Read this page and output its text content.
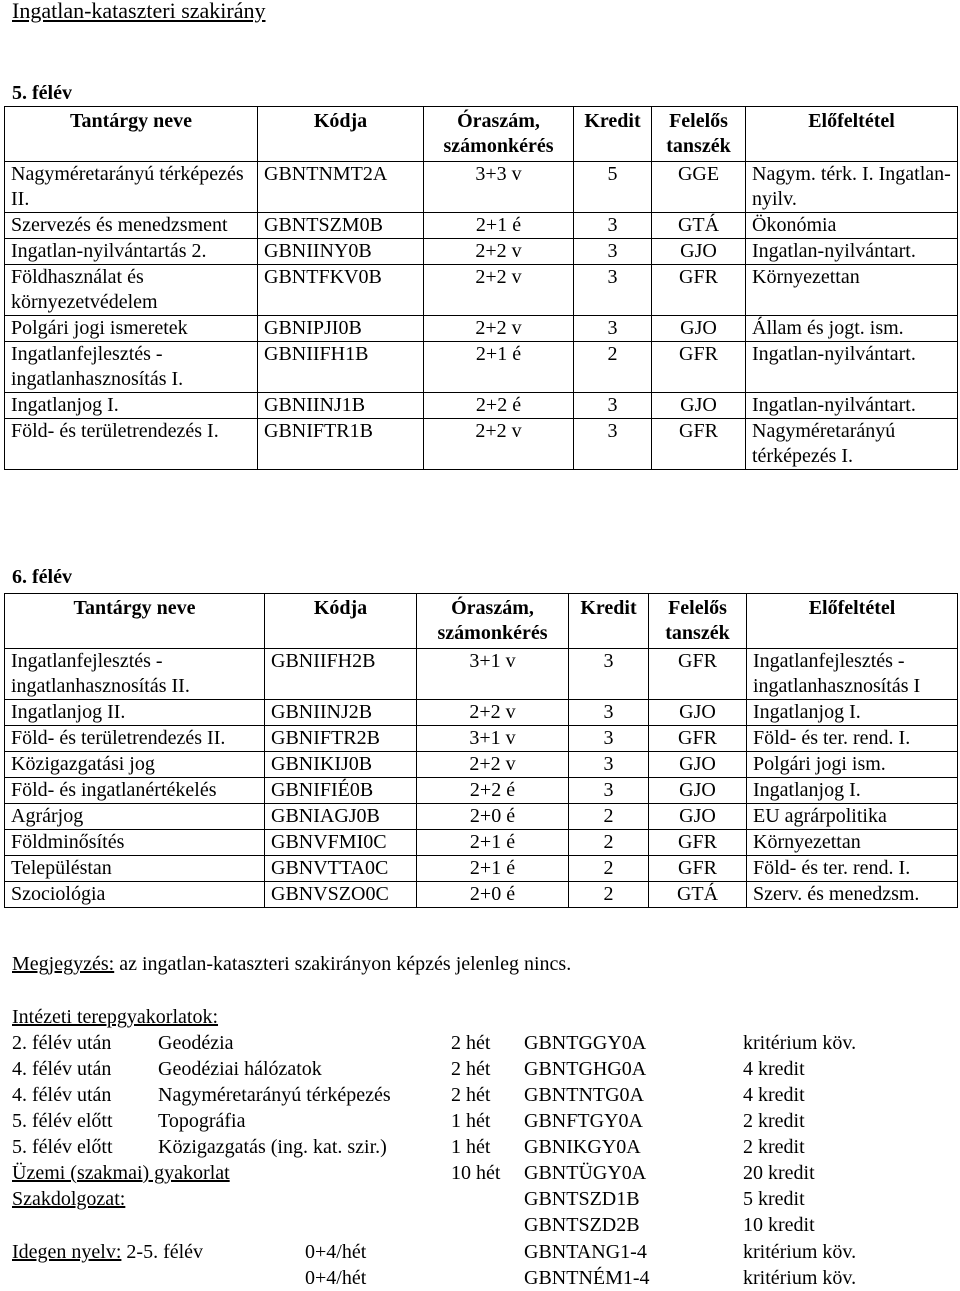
Ingatlan-kataszteri szakirány
5. félév
Tantárgy neve	Kódja	Óraszám, számonkérés	Kredit	Felelős tanszék	Előfeltétel
Nagyméretarányú térképezés II.	GBNTNMT2A	3+3 v	5	GGE	Nagym. térk. I. Ingatlan-nyilv.
Szervezés és menedzsment	GBNTSZM0B	2+1 é	3	GTÁ	Ökonómia
Ingatlan-nyilvántartás 2.	GBNIINY0B	2+2 v	3	GJO	Ingatlan-nyilvántart.
Földhasználat és környezetvédelem	GBNTFKV0B	2+2 v	3	GFR	Környezettan
Polgári jogi ismeretek	GBNIPJI0B	2+2 v	3	GJO	Állam és jogt. ism.
Ingatlanfejlesztés - ingatlanhasznosítás I.	GBNIIFH1B	2+1 é	2	GFR	Ingatlan-nyilvántart.
Ingatlanjog I.	GBNIINJ1B	2+2 é	3	GJO	Ingatlan-nyilvántart.
Föld- és területrendezés I.	GBNIFTR1B	2+2 v	3	GFR	Nagyméretarányú térképezés I.
6. félév
Tantárgy neve	Kódja	Óraszám, számonkérés	Kredit	Felelős tanszék	Előfeltétel
Ingatlanfejlesztés - ingatlanhasznosítás II.	GBNIIFH2B	3+1 v	3	GFR	Ingatlanfejlesztés - ingatlanhasznosítás I
Ingatlanjog II.	GBNIINJ2B	2+2 v	3	GJO	Ingatlanjog I.
Föld- és területrendezés II.	GBNIFTR2B	3+1 v	3	GFR	Föld- és ter. rend. I.
Közigazgatási jog	GBNIKIJ0B	2+2 v	3	GJO	Polgári jogi ism.
Föld- és ingatlanértékelés	GBNIFIÉ0B	2+2 é	3	GJO	Ingatlanjog I.
Agrárjog	GBNIAGJ0B	2+0 é	2	GJO	EU agrárpolitika
Földminősítés	GBNVFMI0C	2+1 é	2	GFR	Környezettan
Településtan	GBNVTTA0C	2+1 é	2	GFR	Föld- és ter. rend. I.
Szociológia	GBNVSZO0C	2+0 é	2	GTÁ	Szerv. és menedzsm.
Megjegyzés: az ingatlan-kataszteri szakirányon képzés jelenleg nincs.
Intézeti terepgyakorlatok:
2. félév után Geodézia	2 hét GBNTGGY0A	kritérium köv.
4. félév után Geodéziai hálózatok	2 hét GBNTGHG0A	4 kredit
4. félév után Nagyméretarányú térképezés	2 hét GBNTNTG0A	4 kredit
5. félév előtt Topográfia	1 hét GBNFTGY0A	2 kredit
5. félév előtt Közigazgatás (ing. kat. szir.)	1 hét GBNIKGY0A	2 kredit
Üzemi (szakmai) gyakorlat	10 hét GBNTÜGY0A	20 kredit
Szakdolgozat:	GBNTSZD1B	5 kredit
GBNTSZD2B	10 kredit
Idegen nyelv: 2-5. félév	0+4/hét	GBNTANG1-4	kritérium köv.
0+4/hét	GBNTNÉM1-4	kritérium köv.
